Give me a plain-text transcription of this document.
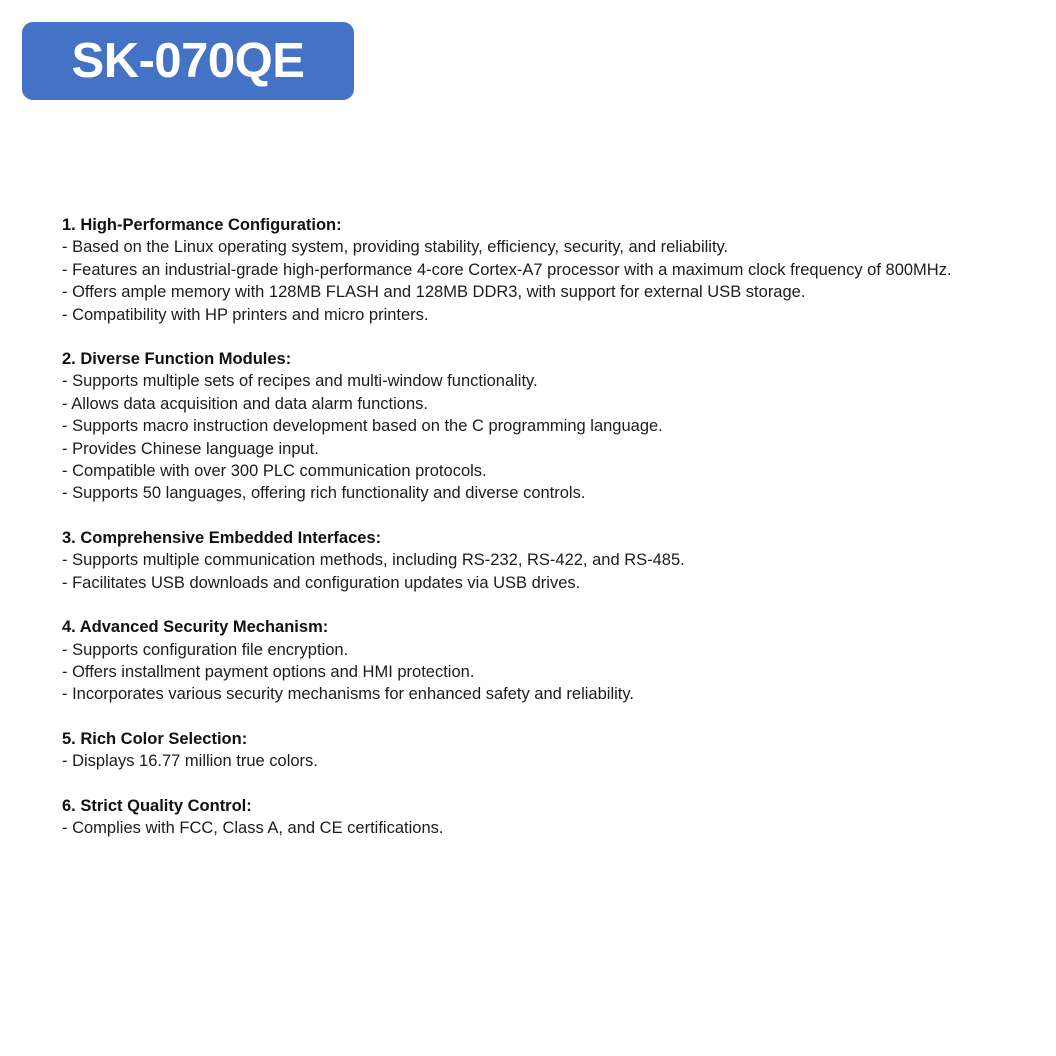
SK-070QE
1. High-Performance Configuration:
- Based on the Linux operating system, providing stability, efficiency, security, and reliability.
- Features an industrial-grade high-performance 4-core Cortex-A7 processor with a maximum clock frequency of 800MHz.
- Offers ample memory with 128MB FLASH and 128MB DDR3, with support for external USB storage.
- Compatibility with HP printers and micro printers.
2. Diverse Function Modules:
- Supports multiple sets of recipes and multi-window functionality.
- Allows data acquisition and data alarm functions.
- Supports macro instruction development based on the C programming language.
- Provides Chinese language input.
- Compatible with over 300 PLC communication protocols.
- Supports 50 languages, offering rich functionality and diverse controls.
3. Comprehensive Embedded Interfaces:
- Supports multiple communication methods, including RS-232, RS-422, and RS-485.
- Facilitates USB downloads and configuration updates via USB drives.
4. Advanced Security Mechanism:
- Supports configuration file encryption.
- Offers installment payment options and HMI protection.
- Incorporates various security mechanisms for enhanced safety and reliability.
5. Rich Color Selection:
- Displays 16.77 million true colors.
6. Strict Quality Control:
- Complies with FCC, Class A, and CE certifications.
